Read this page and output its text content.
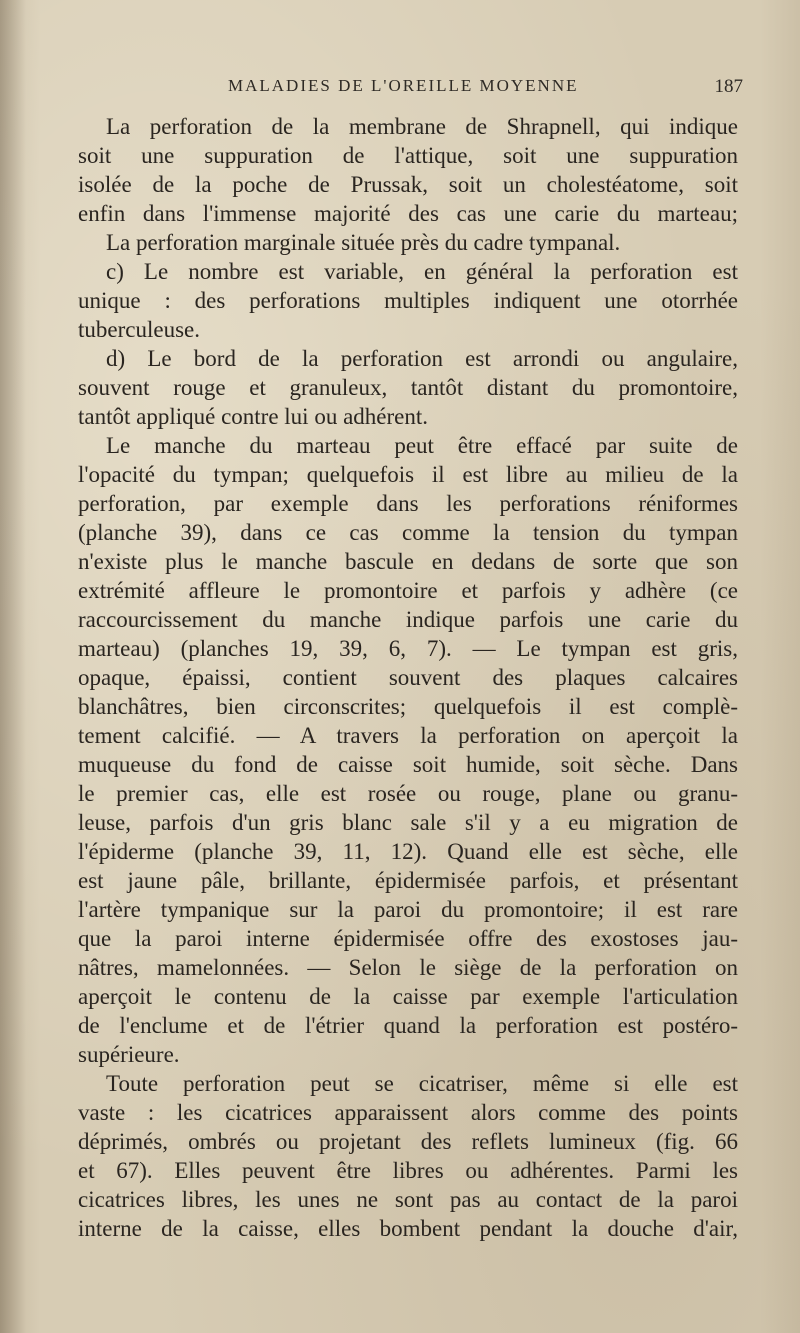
MALADIES DE L'OREILLE MOYENNE	187
La perforation de la membrane de Shrapnell, qui indique
soit une suppuration de l'attique, soit une suppuration
isolée de la poche de Prussak, soit un cholestéatome, soit
enfin dans l'immense majorité des cas une carie du marteau;
La perforation marginale située près du cadre tympanal.
c) Le nombre est variable, en général la perforation est
unique : des perforations multiples indiquent une otorrhée
tuberculeuse.
d) Le bord de la perforation est arrondi ou angulaire,
souvent rouge et granuleux, tantôt distant du promontoire,
tantôt appliqué contre lui ou adhérent.
Le manche du marteau peut être effacé par suite de
l'opacité du tympan; quelquefois il est libre au milieu de la
perforation, par exemple dans les perforations réniformes
(planche 39), dans ce cas comme la tension du tympan
n'existe plus le manche bascule en dedans de sorte que son
extrémité affleure le promontoire et parfois y adhère (ce
raccourcissement du manche indique parfois une carie du
marteau) (planches 19, 39, 6, 7). — Le tympan est gris,
opaque, épaissi, contient souvent des plaques calcaires
blanchâtres, bien circonscrites; quelquefois il est complè-
tement calcifié. — A travers la perforation on aperçoit la
muqueuse du fond de caisse soit humide, soit sèche. Dans
le premier cas, elle est rosée ou rouge, plane ou granu-
leuse, parfois d'un gris blanc sale s'il y a eu migration de
l'épiderme (planche 39, 11, 12). Quand elle est sèche, elle
est jaune pâle, brillante, épidermisée parfois, et présentant
l'artère tympanique sur la paroi du promontoire; il est rare
que la paroi interne épidermisée offre des exostoses jau-
nâtres, mamelonnées. — Selon le siège de la perforation on
aperçoit le contenu de la caisse par exemple l'articulation
de l'enclume et de l'étrier quand la perforation est postéro-
supérieure.
Toute perforation peut se cicatriser, même si elle est
vaste : les cicatrices apparaissent alors comme des points
déprimés, ombrés ou projetant des reflets lumineux (fig. 66
et 67). Elles peuvent être libres ou adhérentes. Parmi les
cicatrices libres, les unes ne sont pas au contact de la paroi
interne de la caisse, elles bombent pendant la douche d'air,
